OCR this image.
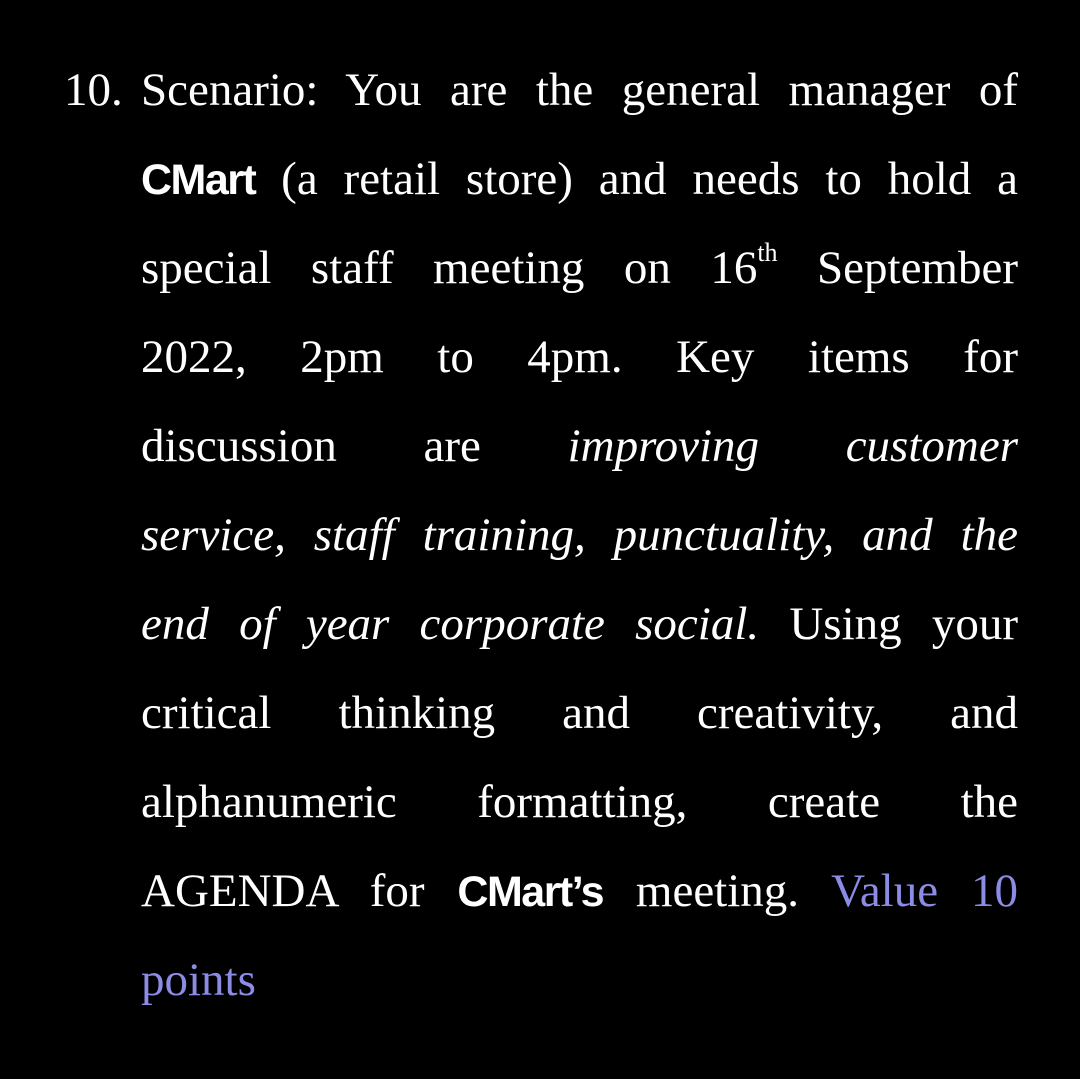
10. Scenario: You are the general manager of
CMart (a retail store) and needs to hold a
special staff meeting on 16th September
2022, 2pm to 4pm. Key items for
discussion are improving customer
service, staff training, punctuality, and the
end of year corporate social. Using your
critical thinking and creativity, and
alphanumeric formatting, create the
AGENDA for CMart’s meeting. Value 10
points
